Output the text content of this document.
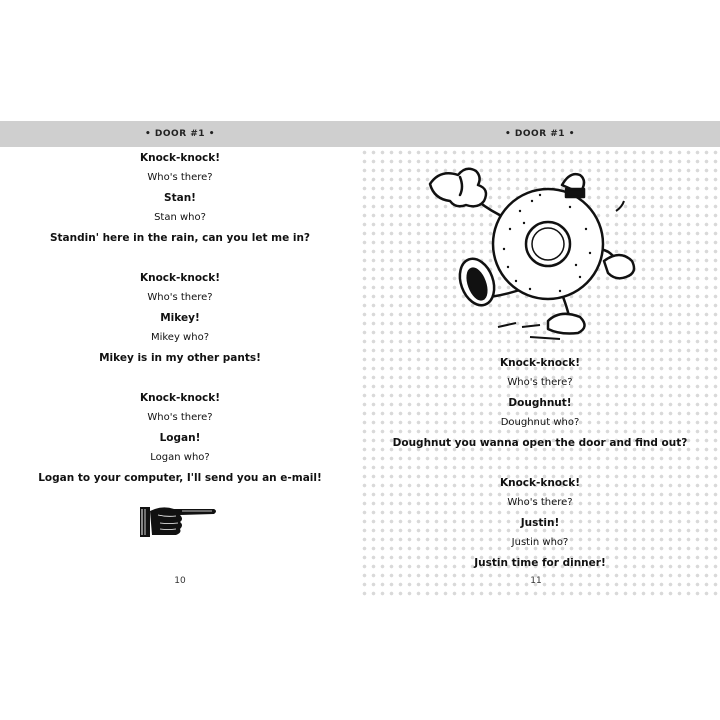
• DOOR #1 •
Knock-knock!
Who's there?
Stan!
Stan who?
Standin' here in the rain, can you let me in?
Knock-knock!
Who's there?
Mikey!
Mikey who?
Mikey is in my other pants!
Knock-knock!
Who's there?
Logan!
Logan who?
Logan to your computer, I'll send you an e-mail!
10
• DOOR #1 •
Knock-knock!
Who's there?
Doughnut!
Doughnut who?
Doughnut you wanna open the door and find out?
Knock-knock!
Who's there?
Justin!
Justin who?
Justin time for dinner!
11
